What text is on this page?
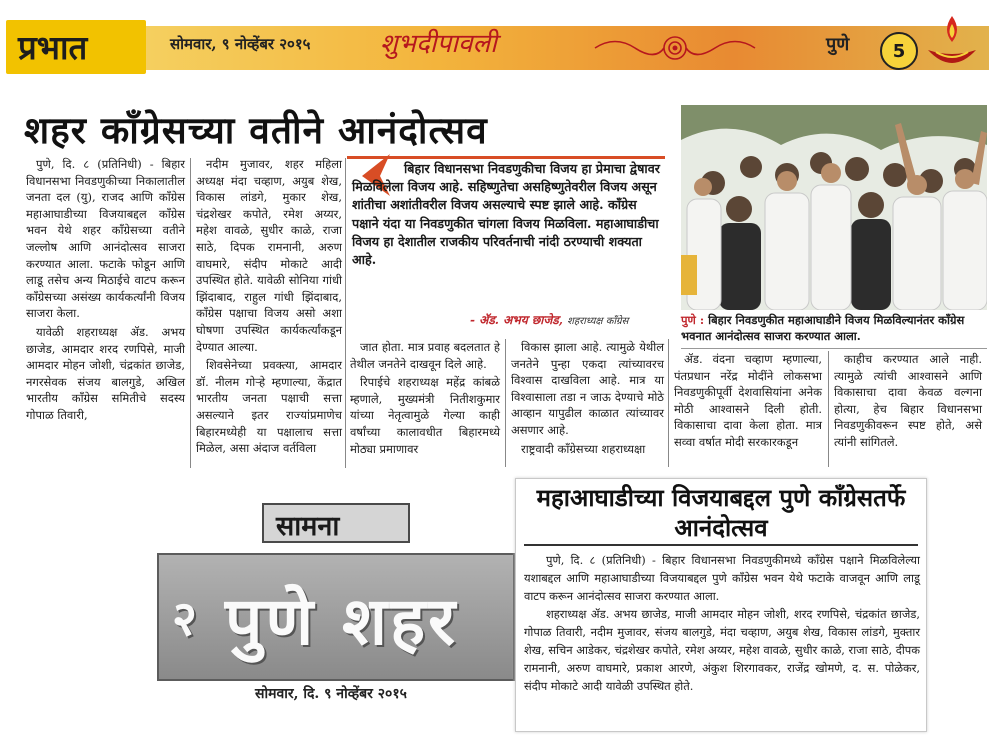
प्रभात	सोमवार, ९ नोव्हेंबर २०१५	शुभदीपावली	पुणे	5
शहर काँग्रेसच्या वतीने आनंदोत्सव

पुणे, दि. ८ (प्रतिनिधी) - बिहार विधानसभा निवडणुकीच्या निकालातील जनता दल (यु), राजद आणि काँग्रेस महाआघाडीच्या विजयाबद्दल काँग्रेस भवन येथे शहर काँग्रेसच्या वतीने जल्लोष आणि आनंदोत्सव साजरा करण्यात आला. फटाके फोडून आणि लाडू तसेच अन्य मिठाईचे वाटप करून काँग्रेसच्या असंख्य कार्यकर्त्यांनी विजय साजरा केला.

यावेळी शहराध्यक्ष ॲड. अभय छाजेड, आमदार शरद रणपिसे, माजी आमदार मोहन जोशी, चंद्रकांत छाजेड, नगरसेवक संजय बालगुडे, अखिल भारतीय काँग्रेस समितीचे सदस्य गोपाळ तिवारी,

नदीम मुजावर, शहर महिला अध्यक्ष मंदा चव्हाण, अयुब शेख, विकास लांडगे, मुकार शेख, चंद्रशेखर कपोते, रमेश अय्यर, महेश वावळे, सुधीर काळे, राजा साठे, दिपक रामनानी, अरुण वाघमारे, संदीप मोकाटे आदी उपस्थित होते. यावेळी सोनिया गांधी झिंदाबाद, राहुल गांधी झिंदाबाद, काँग्रेस पक्षाचा विजय असो अशा घोषणा उपस्थित कार्यकर्त्यांकडून देण्यात आल्या.

शिवसेनेच्या प्रवक्त्या, आमदार डॉ. नीलम गोऱ्हे म्हणाल्या, केंद्रात भारतीय जनता पक्षाची सत्ता असल्याने इतर राज्यांप्रमाणेच बिहारमध्येही या पक्षालाच सत्ता मिळेल, असा अंदाज वर्तविला

बिहार विधानसभा निवडणुकीचा विजय हा प्रेमाचा द्वेषावर मिळविलेला विजय आहे. सहिष्णुतेचा असहिष्णुतेवरील विजय असून शांतीचा अशांतीवरील विजय असल्याचे स्पष्ट झाले आहे. काँग्रेस पक्षाने यंदा या निवडणुकीत चांगला विजय मिळविला. महाआघाडीचा विजय हा देशातील राजकीय परिवर्तनाची नांदी ठरण्याची शक्यता आहे.
- ॲड. अभय छाजेड, शहराध्यक्ष काँग्रेस

जात होता. मात्र प्रवाह बदलतात हे तेथील जनतेने दाखवून दिले आहे.

रिपाईचे शहराध्यक्ष महेंद्र कांबळे म्हणाले, मुख्यमंत्री नितीशकुमार यांच्या नेतृत्वामुळे गेल्या काही वर्षांच्या कालावधीत बिहारमध्ये मोठ्या प्रमाणावर

विकास झाला आहे. त्यामुळे येथील जनतेने पुन्हा एकदा त्यांच्यावरच विश्वास दाखविला आहे. मात्र या विश्वासाला तडा न जाऊ देण्याचे मोठे आव्हान यापुढील काळात त्यांच्यावर असणार आहे.

राष्ट्रवादी काँग्रेसच्या शहराध्यक्षा

ॲड. वंदना चव्हाण म्हणाल्या, पंतप्रधान नरेंद्र मोदींने लोकसभा निवडणुकीपूर्वी देशवासियांना अनेक मोठी आश्वासने दिली होती. विकासाचा दावा केला होता. मात्र सव्वा वर्षात मोदी सरकारकडून

काहीच करण्यात आले नाही. त्यामुळे त्यांची आश्वासने आणि विकासाचा दावा केवळ वल्गना होत्या, हेच बिहार विधानसभा निवडणुकीवरून स्पष्ट होते, असे त्यांनी सांगितले.

पुणे : बिहार निवडणुकीत महाआघाडीने विजय मिळविल्यानंतर काँग्रेस भवनात आनंदोत्सव साजरा करण्यात आला.
सामना
२ पुणे शहर
सोमवार, दि. ९ नोव्हेंबर २०१५
महाआघाडीच्या विजयाबद्दल पुणे काँग्रेसतर्फे आनंदोत्सव

पुणे, दि. ८ (प्रतिनिधी) - बिहार विधानसभा निवडणुकीमध्ये काँग्रेस पक्षाने मिळविलेल्या यशाबद्दल आणि महाआघाडीच्या विजयाबद्दल पुणे काँग्रेस भवन येथे फटाके वाजवून आणि लाडू वाटप करून आनंदोत्सव साजरा करण्यात आला.

शहराध्यक्ष ॲड. अभय छाजेड, माजी आमदार मोहन जोशी, शरद रणपिसे, चंद्रकांत छाजेड, गोपाळ तिवारी, नदीम मुजावर, संजय बालगुडे, मंदा चव्हाण, अयुब शेख, विकास लांडगे, मुक्तार शेख, सचिन आडेकर, चंद्रशेखर कपोते, रमेश अय्यर, महेश वावळे, सुधीर काळे, राजा साठे, दीपक रामनानी, अरुण वाघमारे, प्रकाश आरणे, अंकुश शिरगावकर, राजेंद्र खोमणे, द. स. पोळेकर, संदीप मोकाटे आदी यावेळी उपस्थित होते.
